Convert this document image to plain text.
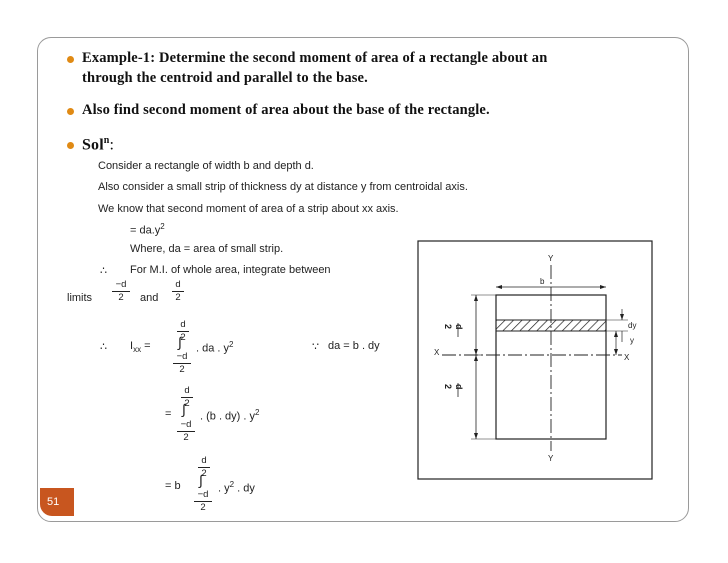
Example-1: Determine the second moment of area of a rectangle about an
through the centroid and parallel to the base.
Also find second moment of area about the base of the rectangle.
Sol$^n$:
Consider a rectangle of width b and depth d.
Also consider a small strip of thickness dy at distance y from centroidal axis.
We know that second moment of area of a strip about xx axis.
= $da.y^2$
Where, da = area of small strip.
∴ For M.I. of whole area, integrate between
limits
−d
2	and
d
2
∴ $I_{xx}$ =
d
2
∫
−d
2
. da . $y^2$	∵ da = b . dy
=
d
2
∫
−d
2
. (b . dy) . $y^2$
= b
d
2
∫
−d
2
. $y^2$ . dy
Y
Y
X
X
b
dy
y
d
2
d
2
51
